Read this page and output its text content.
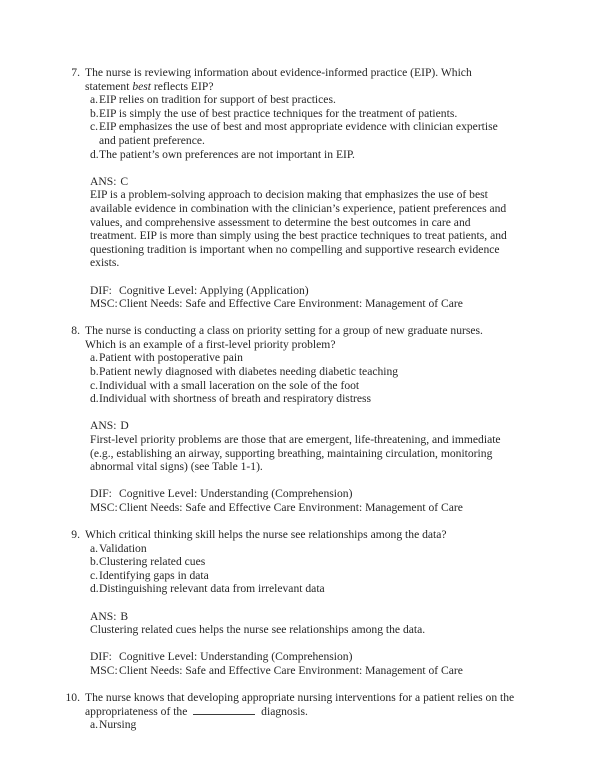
7. The nurse is reviewing information about evidence-informed practice (EIP). Which statement best reflects EIP?
a. EIP relies on tradition for support of best practices.
b. EIP is simply the use of best practice techniques for the treatment of patients.
c. EIP emphasizes the use of best and most appropriate evidence with clinician expertise and patient preference.
d. The patient’s own preferences are not important in EIP.
ANS: C
EIP is a problem-solving approach to decision making that emphasizes the use of best available evidence in combination with the clinician’s experience, patient preferences and values, and comprehensive assessment to determine the best outcomes in care and treatment. EIP is more than simply using the best practice techniques to treat patients, and questioning tradition is important when no compelling and supportive research evidence exists.
DIF: Cognitive Level: Applying (Application)
MSC: Client Needs: Safe and Effective Care Environment: Management of Care
8. The nurse is conducting a class on priority setting for a group of new graduate nurses. Which is an example of a first-level priority problem?
a. Patient with postoperative pain
b. Patient newly diagnosed with diabetes needing diabetic teaching
c. Individual with a small laceration on the sole of the foot
d. Individual with shortness of breath and respiratory distress
ANS: D
First-level priority problems are those that are emergent, life-threatening, and immediate (e.g., establishing an airway, supporting breathing, maintaining circulation, monitoring abnormal vital signs) (see Table 1-1).
DIF: Cognitive Level: Understanding (Comprehension)
MSC: Client Needs: Safe and Effective Care Environment: Management of Care
9. Which critical thinking skill helps the nurse see relationships among the data?
a. Validation
b. Clustering related cues
c. Identifying gaps in data
d. Distinguishing relevant data from irrelevant data
ANS: B
Clustering related cues helps the nurse see relationships among the data.
DIF: Cognitive Level: Understanding (Comprehension)
MSC: Client Needs: Safe and Effective Care Environment: Management of Care
10. The nurse knows that developing appropriate nursing interventions for a patient relies on the appropriateness of the	diagnosis.
a. Nursing
